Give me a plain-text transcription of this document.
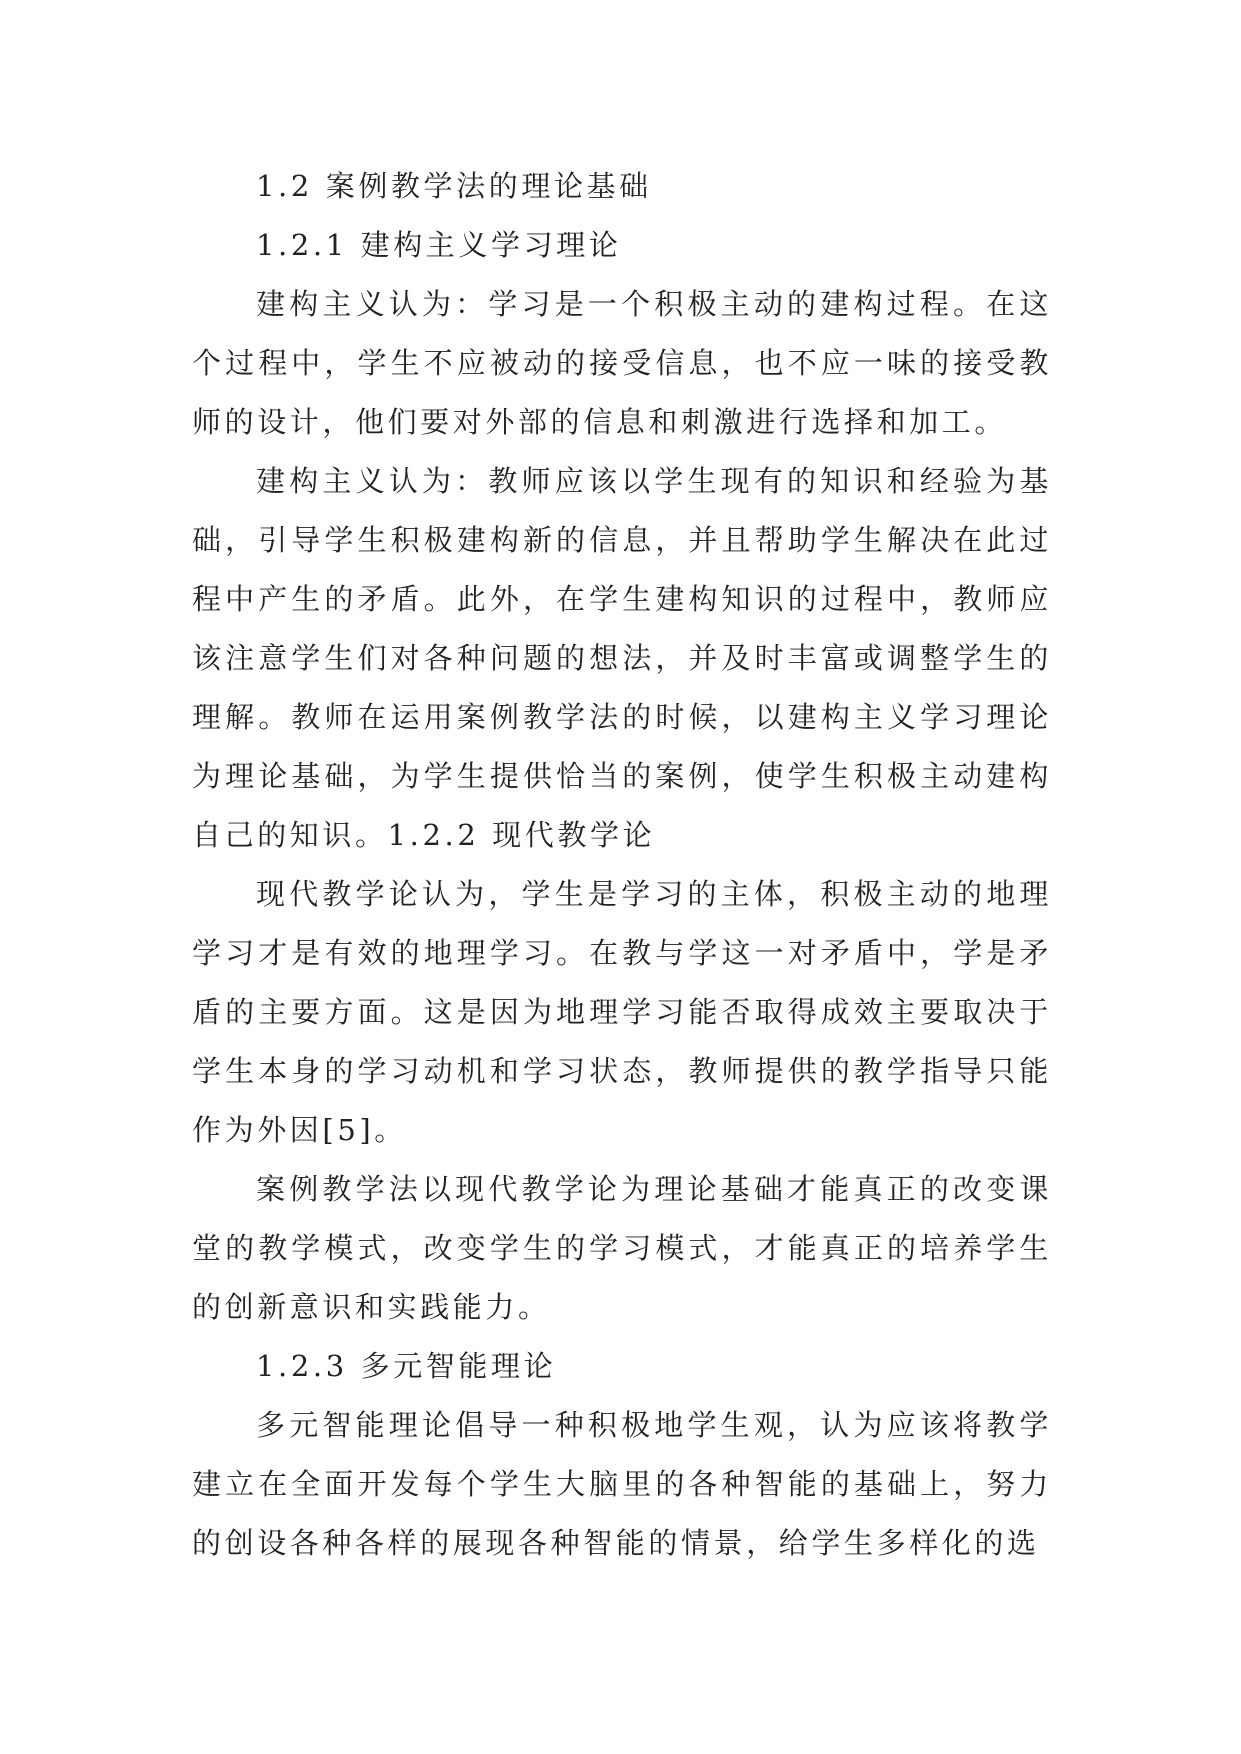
1.2 案例教学法的理论基础

1.2.1 建构主义学习理论

建构主义认为：学习是一个积极主动的建构过程。在这个过程中，学生不应被动的接受信息，也不应一味的接受教师的设计，他们要对外部的信息和刺激进行选择和加工。

建构主义认为：教师应该以学生现有的知识和经验为基础，引导学生积极建构新的信息，并且帮助学生解决在此过程中产生的矛盾。此外，在学生建构知识的过程中，教师应该注意学生们对各种问题的想法，并及时丰富或调整学生的理解。教师在运用案例教学法的时候，以建构主义学习理论为理论基础，为学生提供恰当的案例，使学生积极主动建构自己的知识。1.2.2 现代教学论

现代教学论认为，学生是学习的主体，积极主动的地理学习才是有效的地理学习。在教与学这一对矛盾中，学是矛盾的主要方面。这是因为地理学习能否取得成效主要取决于学生本身的学习动机和学习状态，教师提供的教学指导只能作为外因[5]。

案例教学法以现代教学论为理论基础才能真正的改变课堂的教学模式，改变学生的学习模式，才能真正的培养学生的创新意识和实践能力。

1.2.3 多元智能理论

多元智能理论倡导一种积极地学生观，认为应该将教学建立在全面开发每个学生大脑里的各种智能的基础上，努力的创设各种各样的展现各种智能的情景，给学生多样化的选
